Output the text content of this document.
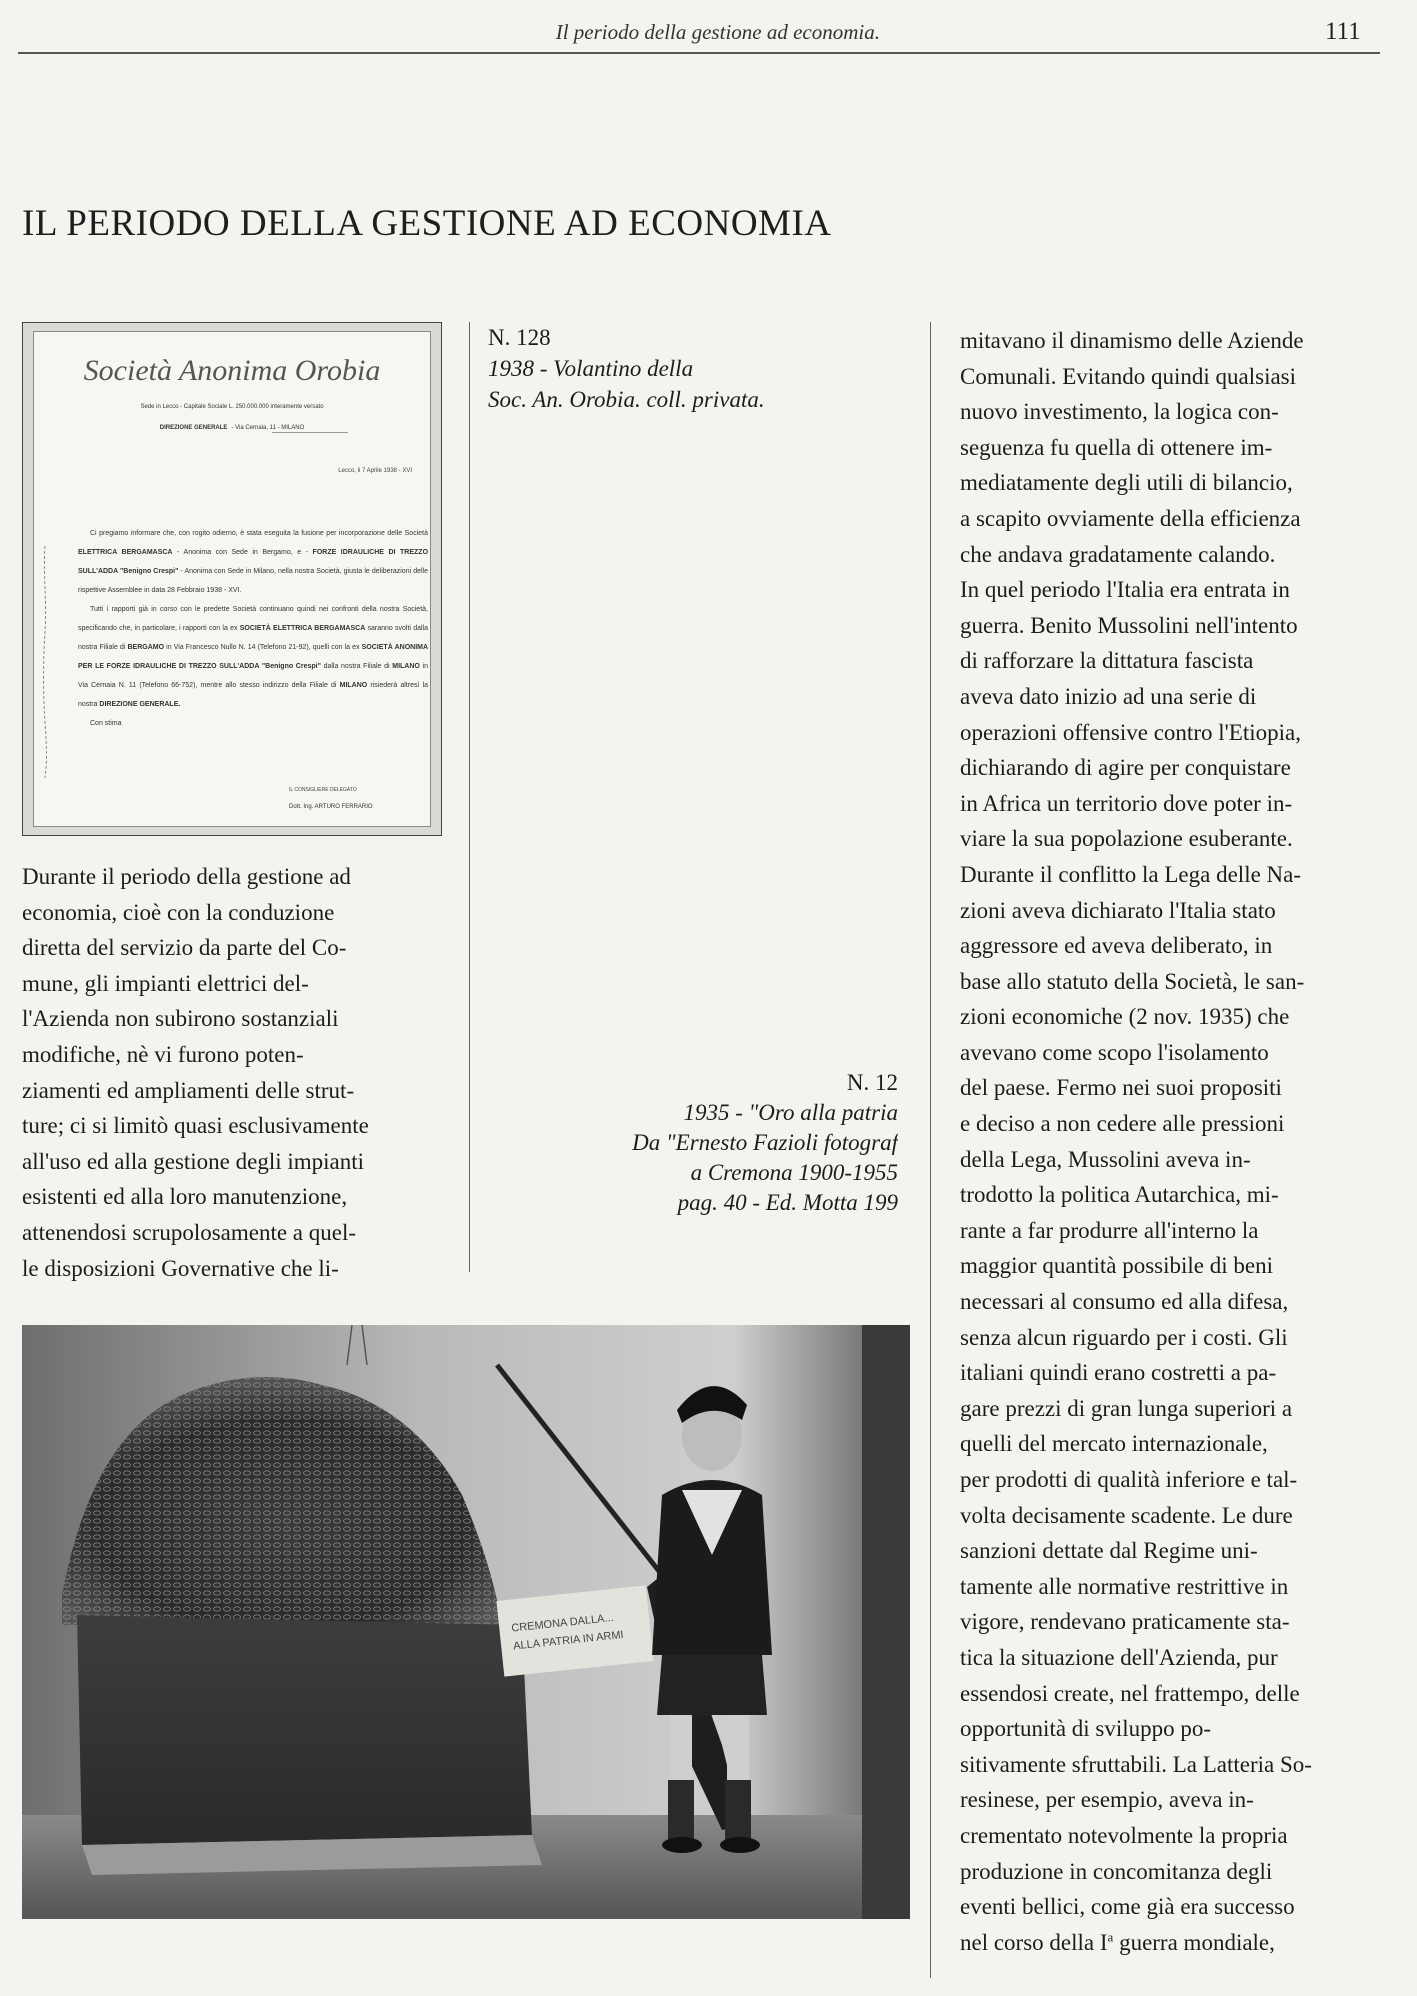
Il periodo della gestione ad economia.	111
IL PERIODO DELLA GESTIONE AD ECONOMIA
Società Anonima Orobia
Sede in Lecco - Capitale Sociale L. 250.000.000 interamente versato
DIREZIONE GENERALE - Via Cernaia, 11 - MILANO
Lecco, li 7 Aprile 1938 - XVI

Ci pregiamo informare che, con rogito odierno, è stata eseguita la fusione per incorporazione delle Società ELETTRICA BERGAMASCA - Anonima con Sede in Bergamo, e - FORZE IDRAULICHE DI TREZZO SULL'ADDA "Benigno Crespi" - Anonima con Sede in Milano, nella nostra Società, giusta le deliberazioni delle rispettive Assemblee in data 28 Febbraio 1938 - XVI.

Tutti i rapporti già in corso con le predette Società continuano quindi nei confronti della nostra Società, specificando che, in particolare, i rapporti con la ex SOCIETÀ ELETTRICA BERGAMASCA saranno svolti dalla nostra Filiale di BERGAMO in Via Francesco Nullo N. 14 (Telefono 21-92), quelli con la ex SOCIETÀ ANONIMA PER LE FORZE IDRAULICHE DI TREZZO SULL'ADDA "Benigno Crespi" dalla nostra Filiale di MILANO in Via Cernaia N. 11 (Telefono 66-752), mentre allo stesso indirizzo della Filiale di MILANO risiederà altresì la nostra DIREZIONE GENERALE.

Con stima

IL CONSIGLIERE DELEGATO
Dott. Ing. ARTURO FERRARIO
N. 128
1938 - Volantino della
Soc. An. Orobia. coll. privata.
Durante il periodo della gestione ad
economia, cioè con la conduzione
diretta del servizio da parte del Co-
mune, gli impianti elettrici del-
l'Azienda non subirono sostanziali
modifiche, nè vi furono poten-
ziamenti ed ampliamenti delle strut-
ture; ci si limitò quasi esclusivamente
all'uso ed alla gestione degli impianti
esistenti ed alla loro manutenzione,
attenendosi scrupolosamente a quel-
le disposizioni Governative che li-
N. 12
1935 - "Oro alla patria
Da "Ernesto Fazioli fotograf
a Cremona 1900-1955
pag. 40 - Ed. Motta 199
CREMONA DALLA...
ALLA PATRIA IN ARMI
mitavano il dinamismo delle Aziende
Comunali. Evitando quindi qualsiasi
nuovo investimento, la logica con-
seguenza fu quella di ottenere im-
mediatamente degli utili di bilancio,
a scapito ovviamente della efficienza
che andava gradatamente calando.
In quel periodo l'Italia era entrata in
guerra. Benito Mussolini nell'intento
di rafforzare la dittatura fascista
aveva dato inizio ad una serie di
operazioni offensive contro l'Etiopia,
dichiarando di agire per conquistare
in Africa un territorio dove poter in-
viare la sua popolazione esuberante.
Durante il conflitto la Lega delle Na-
zioni aveva dichiarato l'Italia stato
aggressore ed aveva deliberato, in
base allo statuto della Società, le san-
zioni economiche (2 nov. 1935) che
avevano come scopo l'isolamento
del paese. Fermo nei suoi propositi
e deciso a non cedere alle pressioni
della Lega, Mussolini aveva in-
trodotto la politica Autarchica, mi-
rante a far produrre all'interno la
maggior quantità possibile di beni
necessari al consumo ed alla difesa,
senza alcun riguardo per i costi. Gli
italiani quindi erano costretti a pa-
gare prezzi di gran lunga superiori a
quelli del mercato internazionale,
per prodotti di qualità inferiore e tal-
volta decisamente scadente. Le dure
sanzioni dettate dal Regime uni-
tamente alle normative restrittive in
vigore, rendevano praticamente sta-
tica la situazione dell'Azienda, pur
essendosi create, nel frattempo, delle
opportunità di sviluppo po-
sitivamente sfruttabili. La Latteria So-
resinese, per esempio, aveva in-
crementato notevolmente la propria
produzione in concomitanza degli
eventi bellici, come già era successo
nel corso della $I^a$ guerra mondiale,
